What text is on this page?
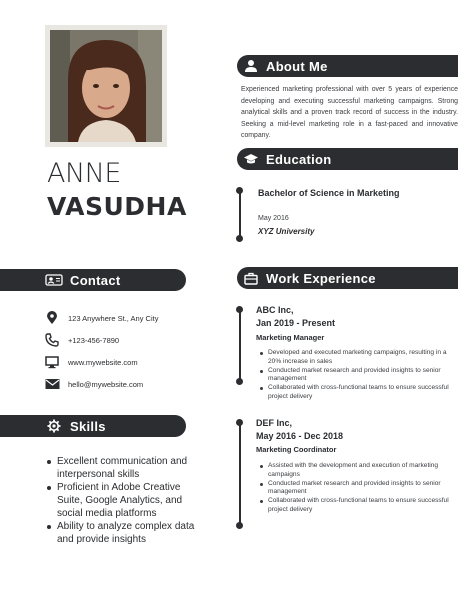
ANNE
VASUDHA
About Me
Experienced marketing professional with over 5 years of experience developing and executing successful marketing campaigns. Strong analytical skills and a proven track record of success in the industry. Seeking a mid-level marketing role in a fast-paced and innovative company.
Education
Bachelor of Science in Marketing
May 2016
XYZ University
Contact
123 Anywhere St., Any City
+123-456-7890
www.mywebsite.com
hello@mywebsite.com
Work Experience
ABC Inc,
Jan 2019 - Present
Marketing Manager
Developed and executed marketing campaigns, resulting in a 20% increase in sales
Conducted market research and provided insights to senior management
Collaborated with cross-functional teams to ensure successful project delivery
DEF Inc,
May 2016 - Dec 2018
Marketing Coordinator
Assisted with the development and execution of marketing campaigns
Conducted market research and provided insights to senior management
Collaborated with cross-functional teams to ensure successful project delivery
Skills
Excellent communication and interpersonal skills
Proficient in Adobe Creative Suite, Google Analytics, and social media platforms
Ability to analyze complex data and provide insights
